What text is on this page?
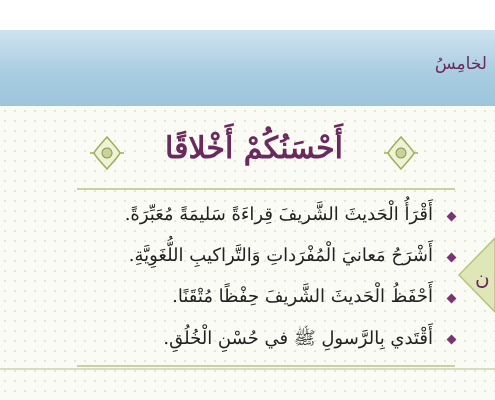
لخامِسُ
أَحْسَنُكُمْ أَخْلاقًا
أَقْرَأُ الْحَديثَ الشَّريفَ قِراءَةً سَليمَةً مُعَبِّرَةً.
أَشْرَحُ مَعانيَ الْمُفْرَداتِ وَالتَّراكيبِ اللُّغَوِيَّةِ.
أَحْفَظُ الْحَديثَ الشَّريفَ حِفْظًا مُتْقَنًا.
أَقْتَدي بِالرَّسولِ ﷺ في حُسْنِ الْخُلُقِ.
ن
